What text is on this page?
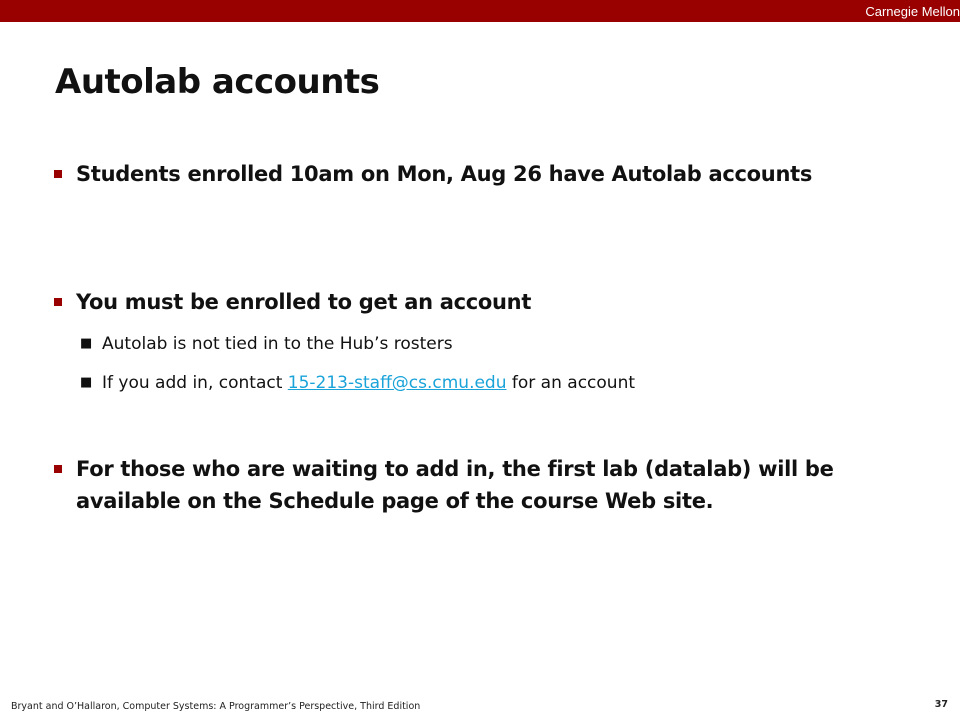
Carnegie Mellon
Autolab accounts
Students enrolled 10am on Mon, Aug 26 have Autolab accounts
You must be enrolled to get an account
■ Autolab is not tied in to the Hub’s rosters
■ If you add in, contact 15-213-staff@cs.cmu.edu for an account
For those who are waiting to add in, the first lab (datalab) will be available on the Schedule page of the course Web site.
Bryant and O’Hallaron, Computer Systems: A Programmer’s Perspective, Third Edition	37
